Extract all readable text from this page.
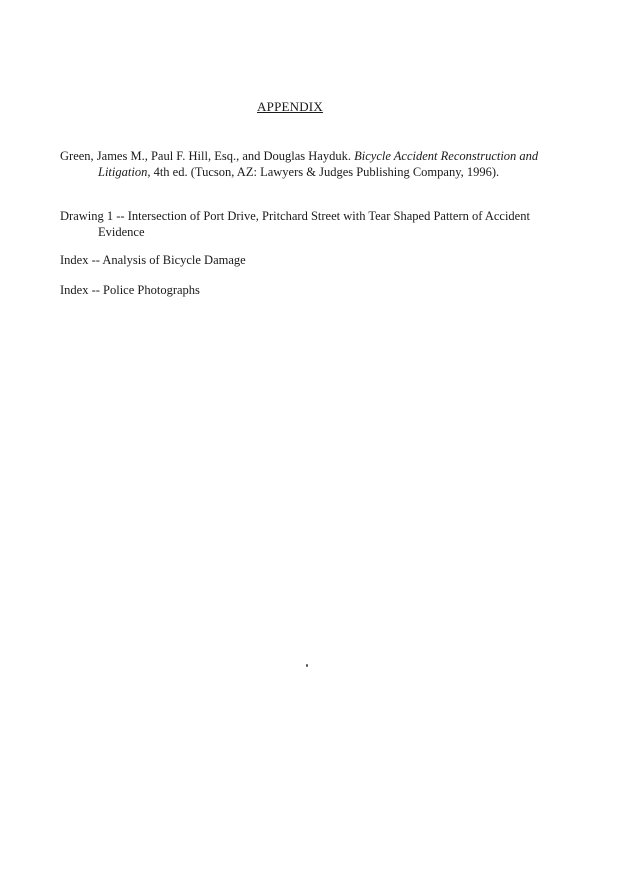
APPENDIX
Green, James M., Paul F. Hill, Esq., and Douglas Hayduk. Bicycle Accident Reconstruction and Litigation, 4th ed. (Tucson, AZ: Lawyers & Judges Publishing Company, 1996).
Drawing 1 -- Intersection of Port Drive, Pritchard Street with Tear Shaped Pattern of Accident Evidence
Index -- Analysis of Bicycle Damage
Index -- Police Photographs
